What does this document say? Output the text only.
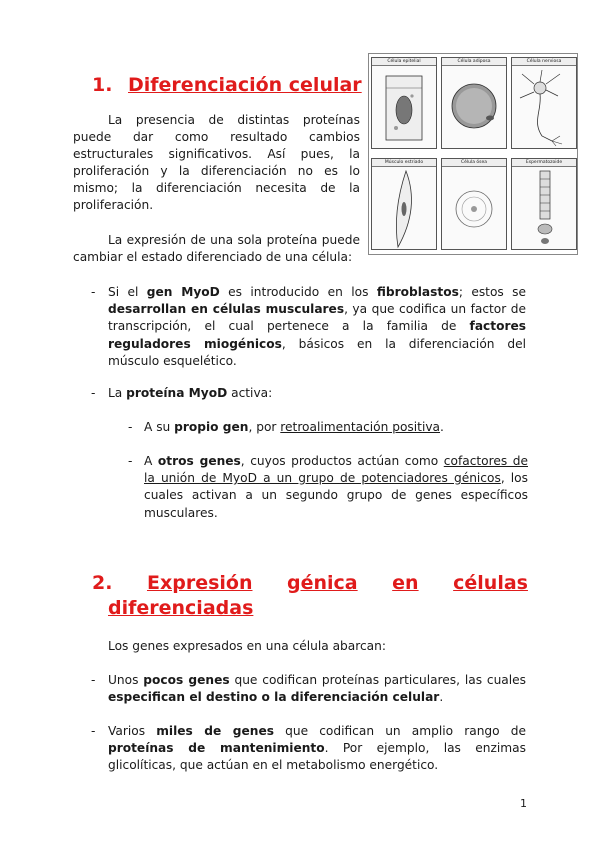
1. Diferenciación celular
La presencia de distintas proteínas
puede dar como resultado cambios
estructurales significativos. Así pues, la
proliferación y la diferenciación no es lo
mismo; la diferenciación necesita de la
proliferación.
La expresión de una sola proteína puede
cambiar el estado diferenciado de una célula:
Célula epitelial	Célula adiposa	Célula nerviosa
Músculo estriado	Célula ósea	Espermatozoide
- Si el gen MyoD es introducido en los fibroblastos; estos se desarrollan en células musculares, ya que codifica un factor de transcripción, el cual pertenece a la familia de factores reguladores miogénicos, básicos en la diferenciación del músculo esquelético.
- La proteína MyoD activa:
- A su propio gen, por retroalimentación positiva.
- A otros genes, cuyos productos actúan como cofactores de la unión de MyoD a un grupo de potenciadores génicos, los cuales activan a un segundo grupo de genes específicos musculares.
2. Expresión génica en células
diferenciadas
Los genes expresados en una célula abarcan:
- Unos pocos genes que codifican proteínas particulares, las cuales especifican el destino o la diferenciación celular.
- Varios miles de genes que codifican un amplio rango de proteínas de mantenimiento. Por ejemplo, las enzimas glicolíticas, que actúan en el metabolismo energético.
1
